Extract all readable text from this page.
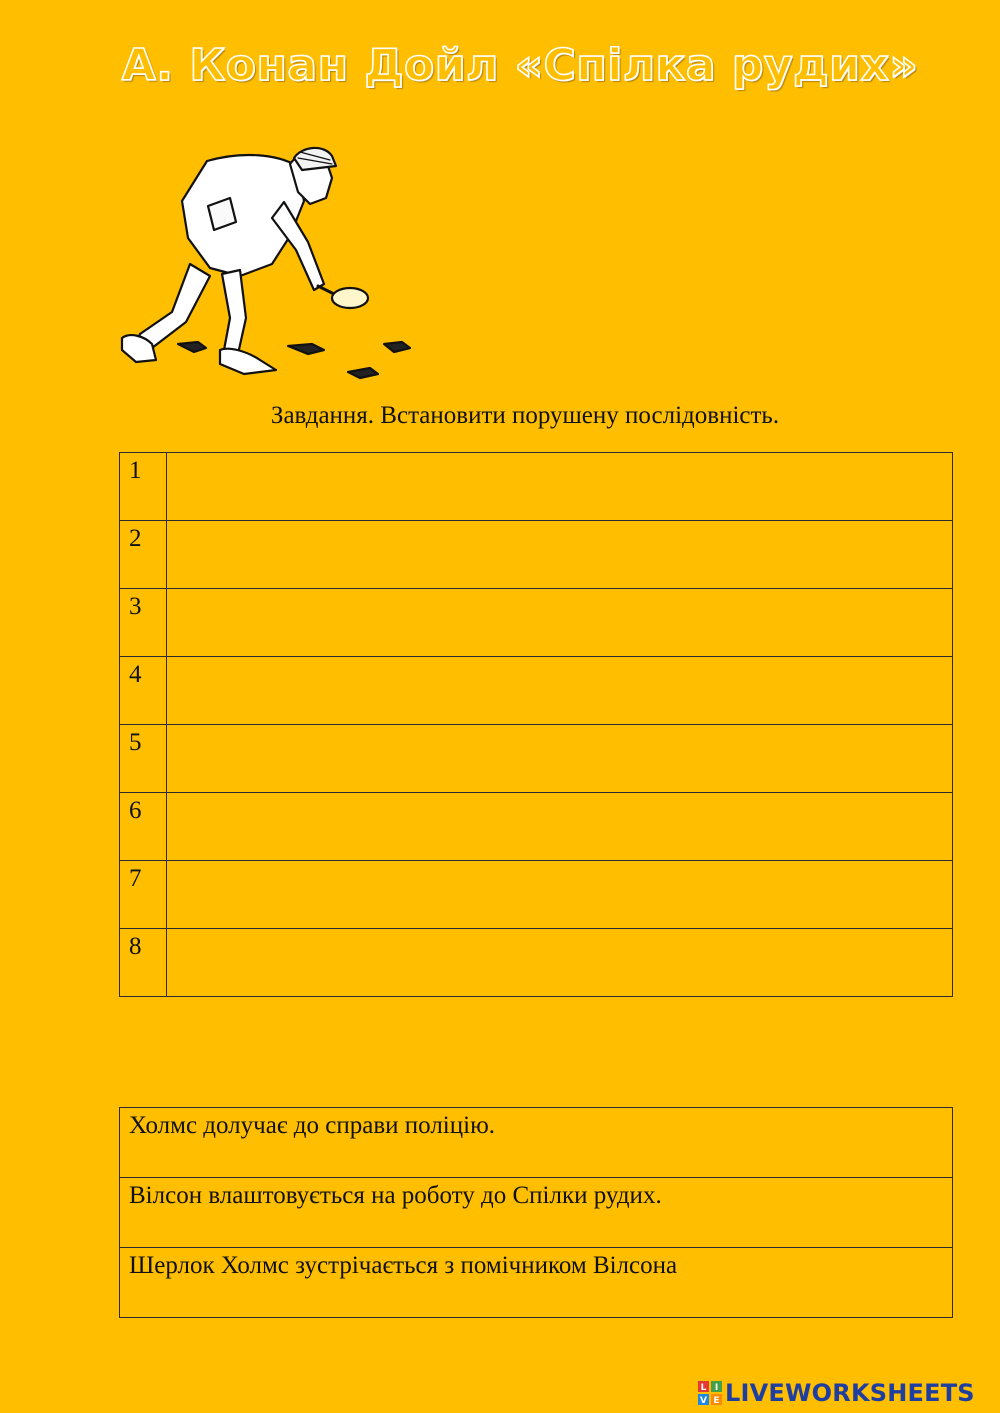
А. Конан Дойл «Спілка рудих»
Завдання. Встановити порушену послідовність.
1	
2	
3	
4	
5	
6	
7	
8	
Холмс долучає до справи поліцію.
Вілсон влаштовується на роботу до Спілки рудих.
Шерлок Холмс зустрічається з помічником Вілсона
L I
V E LIVEWORKSHEETS
